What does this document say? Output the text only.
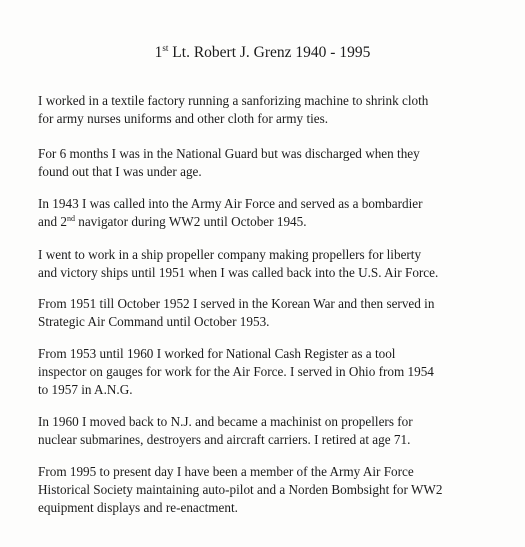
1st Lt. Robert J. Grenz 1940 - 1995

I worked in a textile factory running a sanforizing machine to shrink cloth
for army nurses uniforms and other cloth for army ties.

For 6 months I was in the National Guard but was discharged when they
found out that I was under age.

In 1943 I was called into the Army Air Force and served as a bombardier
and 2nd navigator during WW2 until October 1945.

I went to work in a ship propeller company making propellers for liberty
and victory ships until 1951 when I was called back into the U.S. Air Force.

From 1951 till October 1952 I served in the Korean War and then served in
Strategic Air Command until October 1953.

From 1953 until 1960 I worked for National Cash Register as a tool
inspector on gauges for work for the Air Force. I served in Ohio from 1954
to 1957 in A.N.G.

In 1960 I moved back to N.J. and became a machinist on propellers for
nuclear submarines, destroyers and aircraft carriers. I retired at age 71.

From 1995 to present day I have been a member of the Army Air Force
Historical Society maintaining auto-pilot and a Norden Bombsight for WW2
equipment displays and re-enactment.
